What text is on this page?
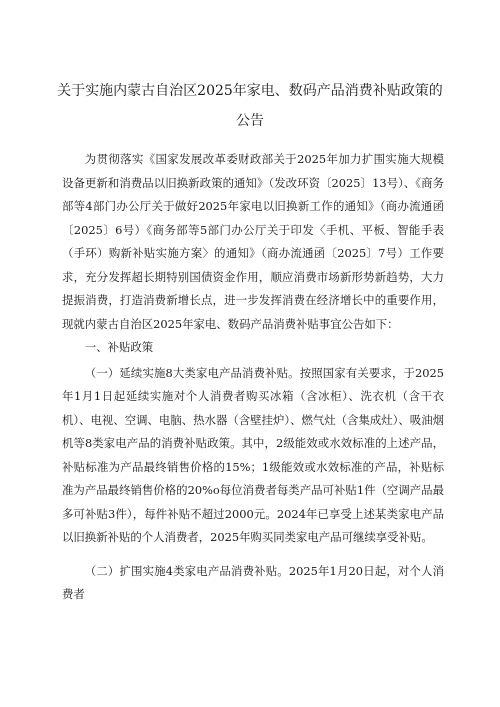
关于实施内蒙古自治区2025年家电、数码产品消费补贴政策的公告

为贯彻落实《国家发展改革委财政部关于2025年加力扩围实施大规模设备更新和消费品以旧换新政策的通知》（发改环资〔2025〕13号）、《商务部等4部门办公厅关于做好2025年家电以旧换新工作的通知》（商办流通函〔2025〕6号）《商务部等5部门办公厅关于印发〈手机、平板、智能手表（手环）购新补贴实施方案〉的通知》（商办流通函〔2025〕7号）工作要求，充分发挥超长期特别国债资金作用，顺应消费市场新形势新趋势，大力提振消费，打造消费新增长点，进一步发挥消费在经济增长中的重要作用，现就内蒙古自治区2025年家电、数码产品消费补贴事宜公告如下：

一、补贴政策

（一）延续实施8大类家电产品消费补贴。按照国家有关要求，于2025年1月1日起延续实施对个人消费者购买冰箱（含冰柜）、洗衣机（含干衣机）、电视、空调、电脑、热水器（含壁挂炉）、燃气灶（含集成灶）、吸油烟机等8类家电产品的消费补贴政策。其中，2级能效或水效标准的上述产品，补贴标准为产品最终销售价格的15%；1级能效或水效标准的产品，补贴标准为产品最终销售价格的20%o每位消费者每类产品可补贴1件（空调产品最多可补贴3件），每件补贴不超过2000元。2024年已享受上述某类家电产品以旧换新补贴的个人消费者，2025年购买同类家电产品可继续享受补贴。

（二）扩围实施4类家电产品消费补贴。2025年1月20日起，对个人消费者
